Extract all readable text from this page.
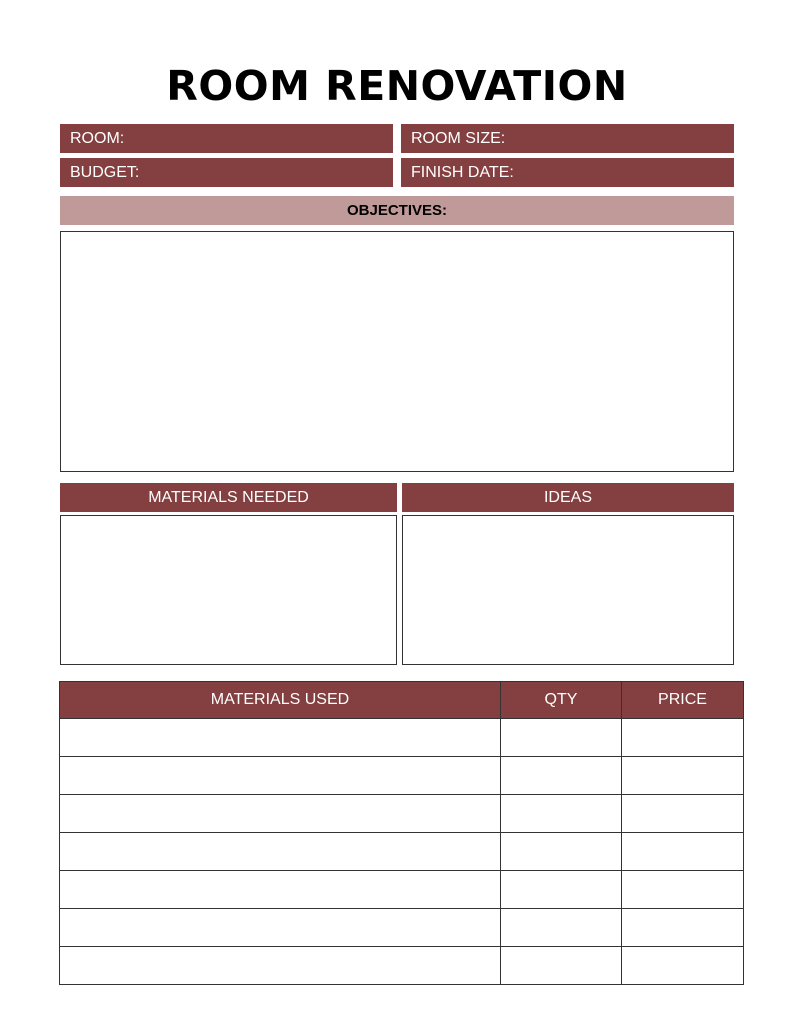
ROOM RENOVATION
ROOM:	ROOM SIZE:
BUDGET:	FINISH DATE:
OBJECTIVES:
MATERIALS NEEDED	IDEAS
MATERIALS USED	QTY	PRICE
